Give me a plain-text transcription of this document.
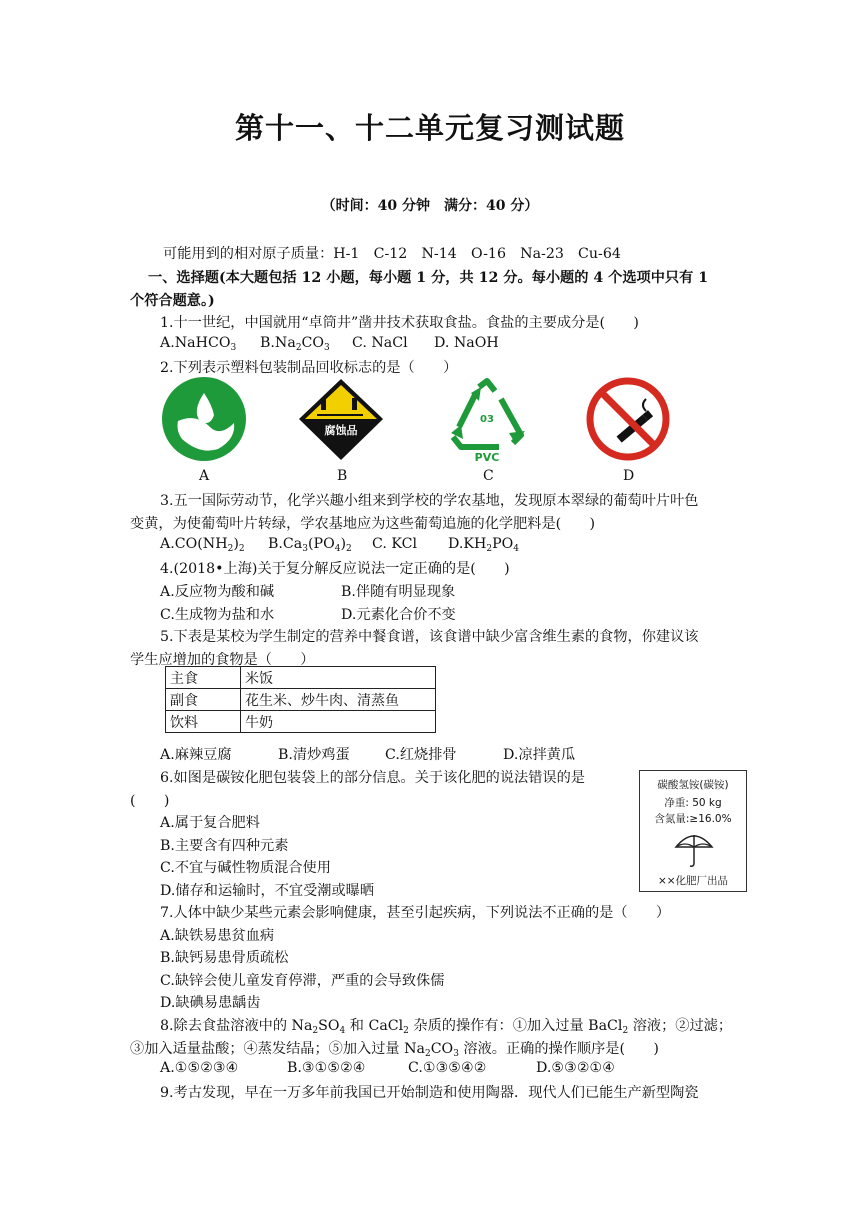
第十一、十二单元复习测试题
（时间：40 分钟　满分：40 分）
可能用到的相对原子质量：H-1　C-12　N-14　O-16　Na-23　Cu-64
一、选择题(本大题包括 12 小题，每小题 1 分，共 12 分。每小题的 4 个选项中只有 1
个符合题意。)
1.十一世纪，中国就用“卓筒井”凿井技术获取食盐。食盐的主要成分是(　　)
A.NaHCO$_3$ $B.Na_2CO_3$ C. NaCl D. NaOH
2.下列表示塑料包装制品回收标志的是（　　）
腐蚀品
03
PVC
A	B	C	D
3.五一国际劳动节，化学兴趣小组来到学校的学农基地，发现原本翠绿的葡萄叶片叶色
变黄，为使葡萄叶片转绿，学农基地应为这些葡萄追施的化学肥料是(　　)
$A.CO(NH_2)_2$ $B.Ca_3(PO_4)_2$ C. KCl $D.KH_2PO_4$
4.(2018•上海)关于复分解反应说法一定正确的是(　　)
A.反应物为酸和碱	B.伴随有明显现象
C.生成物为盐和水	D.元素化合价不变
5.下表是某校为学生制定的营养中餐食谱，该食谱中缺少富含维生素的食物，你建议该
学生应增加的食物是（　　）
主食	米饭
副食	花生米、炒牛肉、清蒸鱼
饮料	牛奶
A.麻辣豆腐	B.清炒鸡蛋 C.红烧排骨	D.凉拌黄瓜
6.如图是碳铵化肥包装袋上的部分信息。关于该化肥的说法错误的是
(　　)
A.属于复合肥料
B.主要含有四种元素
C.不宜与碱性物质混合使用
D.储存和运输时，不宜受潮或曝晒
碳酸氢铵(碳铵)
净重: 50 kg
含氮量:≥16.0%
××化肥厂出品
7.人体中缺少某些元素会影响健康，甚至引起疾病，下列说法不正确的是（　　）
A.缺铁易患贫血病
B.缺钙易患骨质疏松
C.缺锌会使儿童发育停滞，严重的会导致侏儒
D.缺碘易患龋齿
8.除去食盐溶液中的 $Na_2SO_4$ 和 CaCl$_2$ 杂质的操作有：①加入过量 BaCl$_2$ 溶液；②过滤；
③加入适量盐酸；④蒸发结晶；⑤加入过量 $Na_2CO_3$ 溶液。正确的操作顺序是(　　)
A.①⑤②③④	B.③①⑤②④	C.①③⑤④②	D.⑤③②①④
9.考古发现，早在一万多年前我国已开始制造和使用陶器．现代人们已能生产新型陶瓷
